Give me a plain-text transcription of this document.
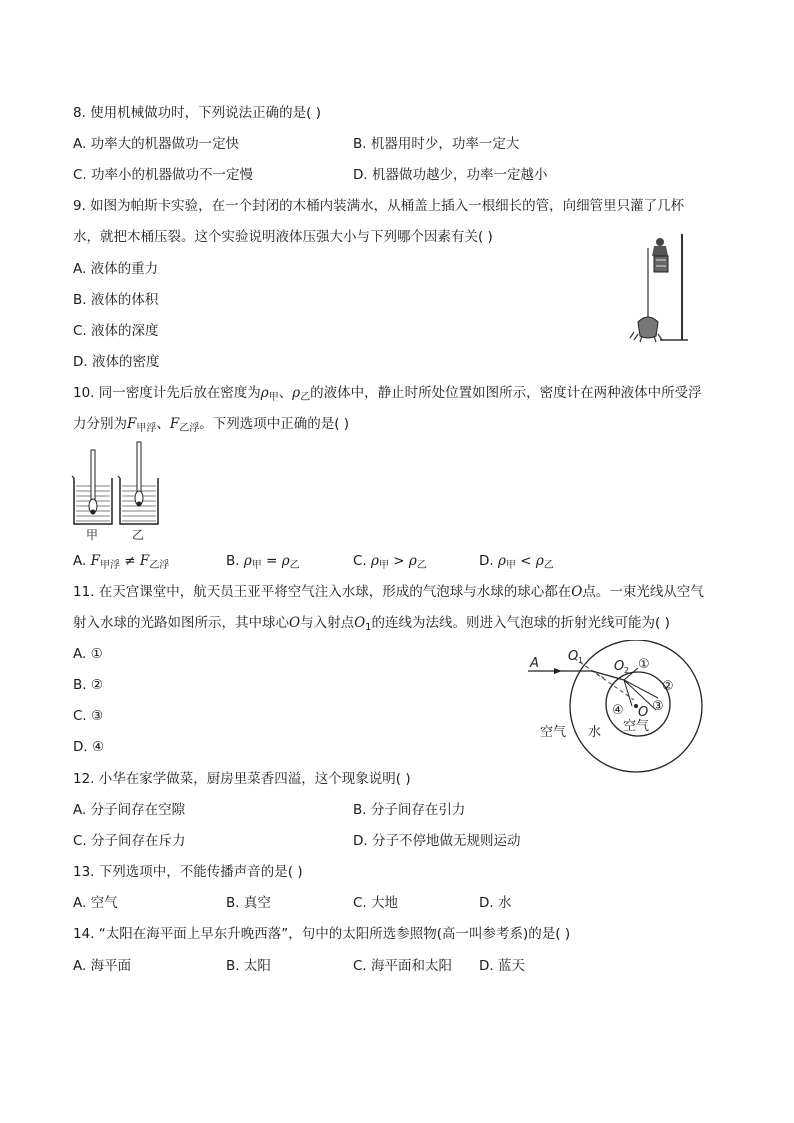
8. 使用机械做功时，下列说法正确的是( )
A. 功率大的机器做功一定快	B. 机器用时少，功率一定大
C. 功率小的机器做功不一定慢	D. 机器做功越少，功率一定越小
9. 如图为帕斯卡实验，在一个封闭的木桶内装满水，从桶盖上插入一根细长的管，向细管里只灌了几杯
水，就把木桶压裂。这个实验说明液体压强大小与下列哪个因素有关( )
A. 液体的重力
B. 液体的体积
C. 液体的深度
D. 液体的密度
10. 同一密度计先后放在密度为$\rho_甲$、$\rho_乙$的液体中，静止时所处位置如图所示，密度计在两种液体中所受浮
力分别为$F_{甲浮}$、$F_{乙浮}$。下列选项中正确的是( )
甲	乙
A. $F_{甲浮} \ne F_{乙浮}$	B. $\rho_甲 = \rho_乙$	C. $\rho_甲 > \rho_乙$	D. $\rho_甲 < \rho_乙$
11. 在天宫课堂中，航天员王亚平将空气注入水球，形成的气泡球与水球的球心都在O点。一束光线从空气
射入水球的光路如图所示，其中球心O与入射点$O_1$的连线为法线。则进入气泡球的折射光线可能为( )
A. ①
B. ②
C. ③
D. ④
A O 1 O 2 ①
②
③
④ O
空气 水 空气
12. 小华在家学做菜，厨房里菜香四溢，这个现象说明( )
A. 分子间存在空隙	B. 分子间存在引力
C. 分子间存在斥力	D. 分子不停地做无规则运动
13. 下列选项中，不能传播声音的是( )
A. 空气	B. 真空	C. 大地	D. 水
14. “太阳在海平面上早东升晚西落”，句中的太阳所选参照物(高一叫参考系)的是( )
A. 海平面	B. 太阳	C. 海平面和太阳 D. 蓝天
